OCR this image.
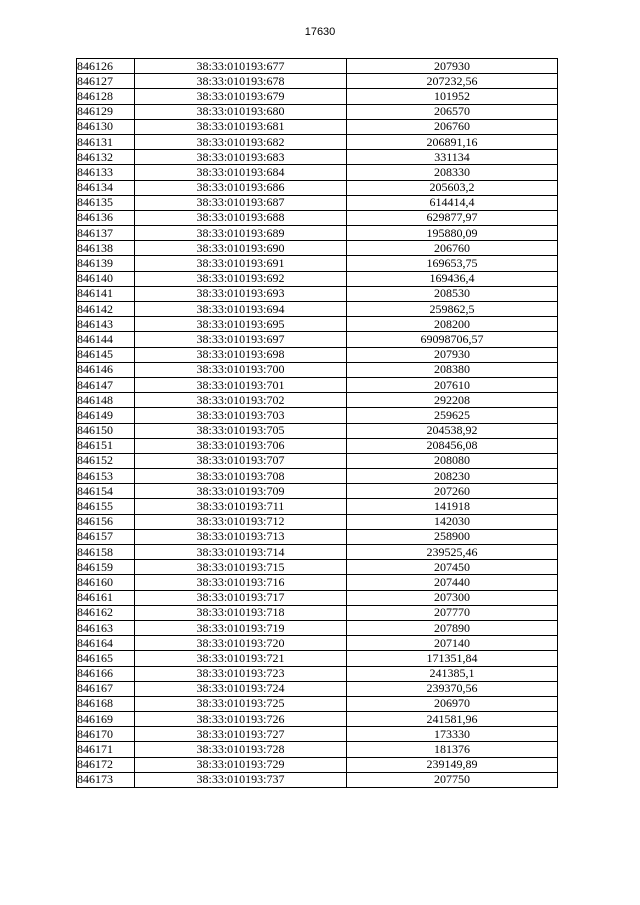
17630
846126	38:33:010193:677	207930
846127	38:33:010193:678	207232,56
846128	38:33:010193:679	101952
846129	38:33:010193:680	206570
846130	38:33:010193:681	206760
846131	38:33:010193:682	206891,16
846132	38:33:010193:683	331134
846133	38:33:010193:684	208330
846134	38:33:010193:686	205603,2
846135	38:33:010193:687	614414,4
846136	38:33:010193:688	629877,97
846137	38:33:010193:689	195880,09
846138	38:33:010193:690	206760
846139	38:33:010193:691	169653,75
846140	38:33:010193:692	169436,4
846141	38:33:010193:693	208530
846142	38:33:010193:694	259862,5
846143	38:33:010193:695	208200
846144	38:33:010193:697	69098706,57
846145	38:33:010193:698	207930
846146	38:33:010193:700	208380
846147	38:33:010193:701	207610
846148	38:33:010193:702	292208
846149	38:33:010193:703	259625
846150	38:33:010193:705	204538,92
846151	38:33:010193:706	208456,08
846152	38:33:010193:707	208080
846153	38:33:010193:708	208230
846154	38:33:010193:709	207260
846155	38:33:010193:711	141918
846156	38:33:010193:712	142030
846157	38:33:010193:713	258900
846158	38:33:010193:714	239525,46
846159	38:33:010193:715	207450
846160	38:33:010193:716	207440
846161	38:33:010193:717	207300
846162	38:33:010193:718	207770
846163	38:33:010193:719	207890
846164	38:33:010193:720	207140
846165	38:33:010193:721	171351,84
846166	38:33:010193:723	241385,1
846167	38:33:010193:724	239370,56
846168	38:33:010193:725	206970
846169	38:33:010193:726	241581,96
846170	38:33:010193:727	173330
846171	38:33:010193:728	181376
846172	38:33:010193:729	239149,89
846173	38:33:010193:737	207750
